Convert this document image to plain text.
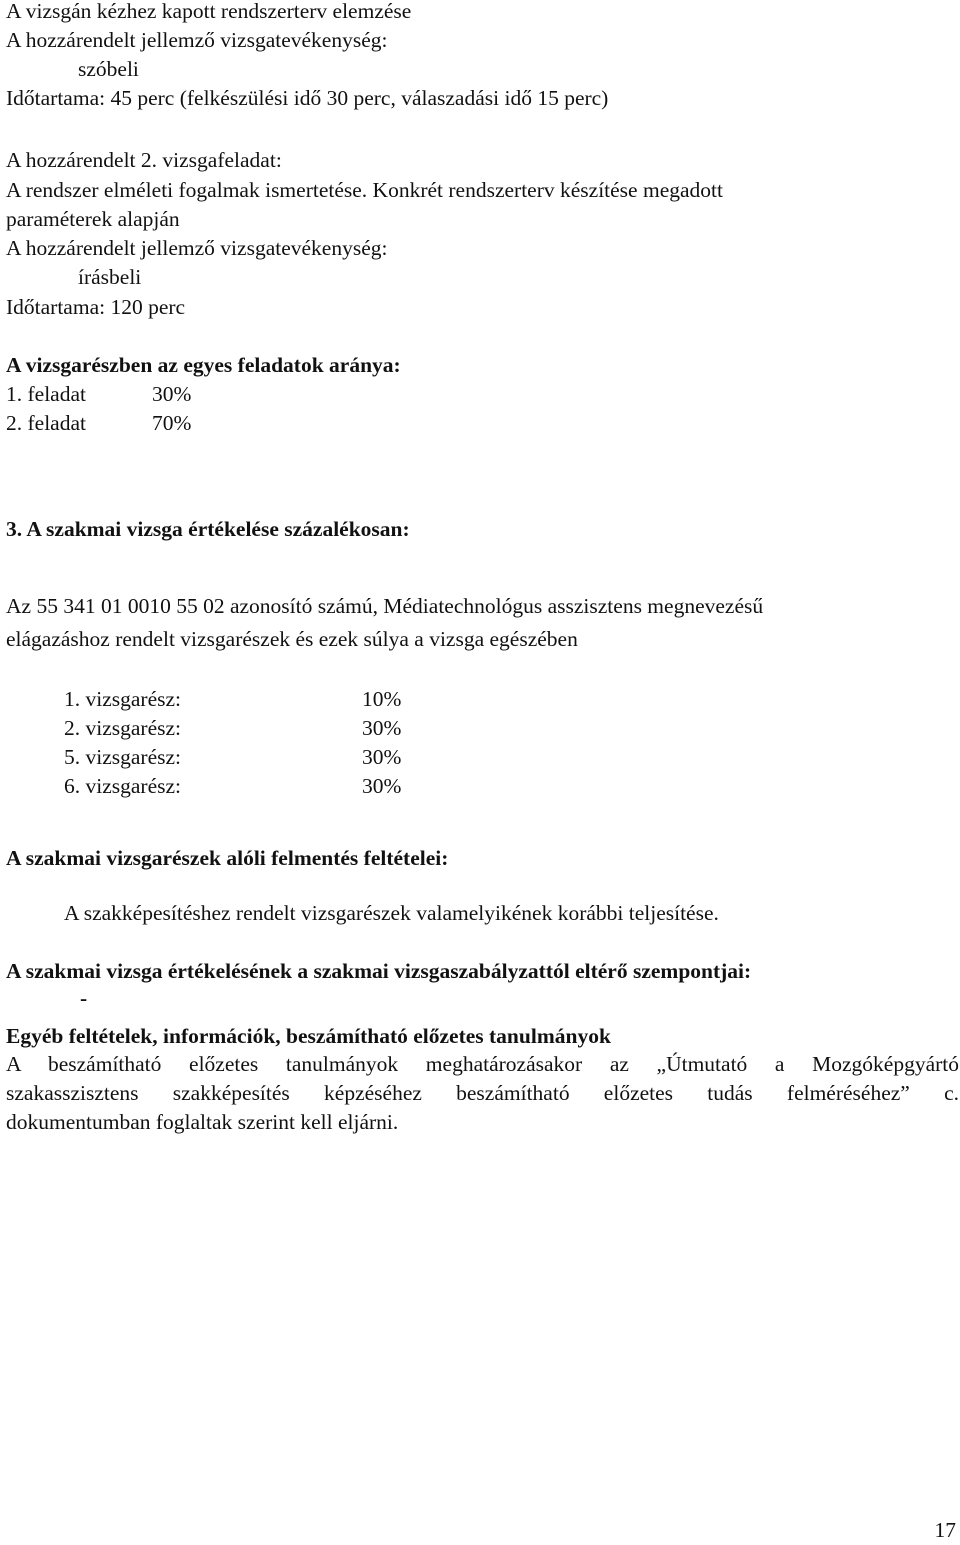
A vizsgán kézhez kapott rendszerterv elemzése
A hozzárendelt jellemző vizsgatevékenység:
szóbeli
Időtartama: 45 perc (felkészülési idő 30 perc, válaszadási idő 15 perc)
A hozzárendelt 2. vizsgafeladat:
A rendszer elméleti fogalmak ismertetése. Konkrét rendszerterv készítése megadott
paraméterek alapján
A hozzárendelt jellemző vizsgatevékenység:
írásbeli
Időtartama: 120 perc
A vizsgarészben az egyes feladatok aránya:
1. feladat	30%
2. feladat	70%
3. A szakmai vizsga értékelése százalékosan:
Az 55 341 01 0010 55 02 azonosító számú, Médiatechnológus asszisztens megnevezésű
elágazáshoz rendelt vizsgarészek és ezek súlya a vizsga egészében
1. vizsgarész:	10%
2. vizsgarész:	30%
5. vizsgarész:	30%
6. vizsgarész:	30%
A szakmai vizsgarészek alóli felmentés feltételei:
A szakképesítéshez rendelt vizsgarészek valamelyikének korábbi teljesítése.
A szakmai vizsga értékelésének a szakmai vizsgaszabályzattól eltérő szempontjai:
-
Egyéb feltételek, információk, beszámítható előzetes tanulmányok
A beszámítható előzetes tanulmányok meghatározásakor az „Útmutató a Mozgóképgyártó
szakasszisztens szakképesítés képzéséhez beszámítható előzetes tudás felméréséhez” c.
dokumentumban foglaltak szerint kell eljárni.
17
